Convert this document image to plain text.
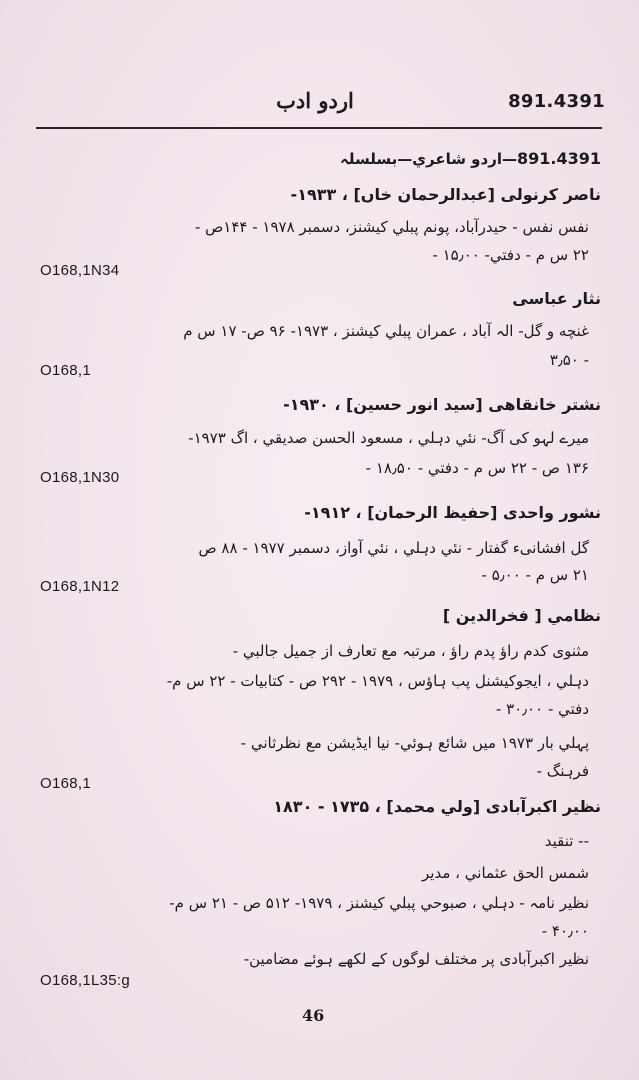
اردو ادب	891.4391
891.4391—اردو شاعري—بسلسلہ
ناصر کرنولی [عبدالرحمان خاں] ، ۱۹۳۳-
نفس نفس - حیدرآباد، پونم پبلي کیشنز، دسمبر ۱۹۷۸ - ۱۴۴ص -
۲۲ س م - دفتي- ۱۵٫۰۰ -
O168,1N34
نثار عباسی
غنچه و گل- الہ آباد ، عمران پبلي کیشنز ، ۱۹۷۳- ۹۶ ص- ۱۷ س م
- ۳٫۵۰
O168,1
نشتر خانقاهی [سید انور حسین] ، ۱۹۳۰-
میرے لہو کی آگ- نئي دہلي ، مسعود الحسن صدیقي ، اگ ۱۹۷۳-
۱۳۶ ص - ۲۲ س م - دفتي - ۱۸٫۵۰ -
O168,1N30
نشور واحدی [حفیظ الرحمان] ، ۱۹۱۲-
گل افشانیء گفتار - نئي دہلي ، نئي آواز، دسمبر ۱۹۷۷ - ۸۸ ص
۲۱ س م - ۵٫۰۰ -
O168,1N12
نظامي [ فخرالدین ]
مثنوی کدم راؤ پدم راؤ ، مرتبہ مع تعارف از جمیل جالبي -
دہلي ، ایجوکیشنل پب ہاؤس ، ۱۹۷۹ - ۲۹۲ ص - کتابیات - ۲۲ س م-
دفتي - ۳۰٫۰۰ -
پہلي بار ۱۹۷۳ میں شائع ہوئي- نیا ایڈیشن مع نظرثاني -
فرہنگ -
O168,1
نظیر اکبرآبادی [ولي محمد] ، ۱۷۳۵ - ۱۸۳۰
-- تنقید
شمس الحق عثماني ، مدیر
نظیر نامہ - دہلي ، صبوحي پبلي کیشنز ، ۱۹۷۹- ۵۱۲ ص - ۲۱ س م-
۴۰٫۰۰ -
نظیر اکبرآبادی پر مختلف لوگوں کے لکھے ہوئے مضامین-
O168,1L35:g
46
